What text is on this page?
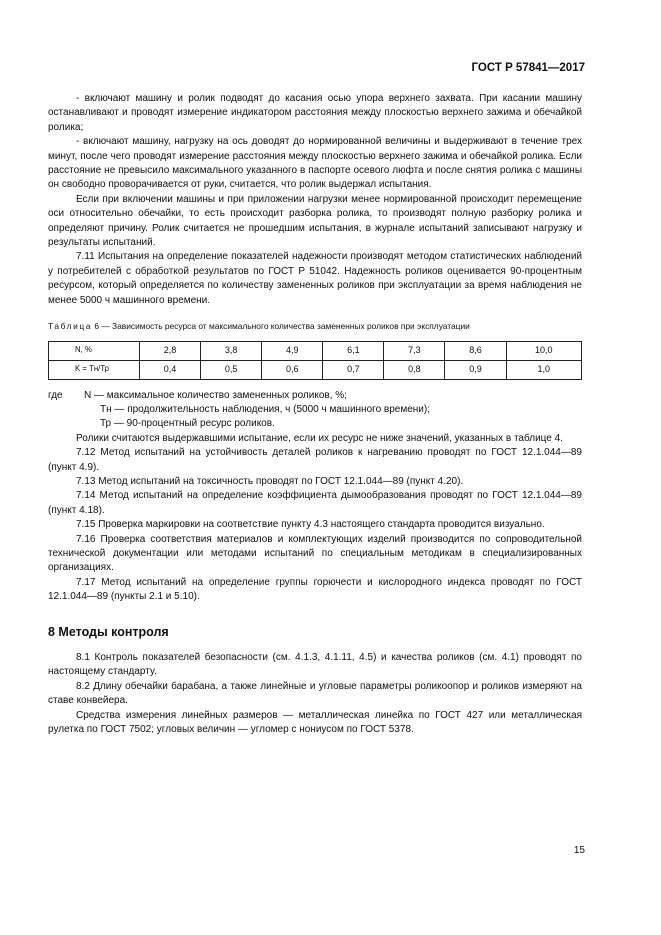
ГОСТ Р 57841—2017

- включают машину и ролик подводят до касания осью упора верхнего захвата. При касании машину останавливают и проводят измерение индикатором расстояния между плоскостью верхнего зажима и обечайкой ролика;

- включают машину, нагрузку на ось доводят до нормированной величины и выдерживают в течение трех минут, после чего проводят измерение расстояния между плоскостью верхнего зажима и обечайкой ролика. Если расстояние не превысило максимального указанного в паспорте осевого люфта и после снятия ролика с машины он свободно проворачивается от руки, считается, что ролик выдержал испытания.

Если при включении машины и при приложении нагрузки менее нормированной происходит перемещение оси относительно обечайки, то есть происходит разборка ролика, то производят полную разборку ролика и определяют причину. Ролик считается не прошедшим испытания, в журнале испытаний записывают нагрузку и результаты испытаний.

7.11 Испытания на определение показателей надежности производят методом статистических наблюдений у потребителей с обработкой результатов по ГОСТ Р 51042. Надежность роликов оценивается 90-процентным ресурсом, который определяется по количеству замененных роликов при эксплуатации за время наблюдения не менее 5000 ч машинного времени.

Таблица 6 — Зависимость ресурса от максимального количества замененных роликов при эксплуатации
N, %	2,8	3,8	4,9	6,1	7,3	8,6	10,0
K = Тн/Тр	0,4	0,5	0,6	0,7	0,8	0,9	1,0
где	N
— максимальное количество замененных роликов, %;
Тн
— продолжительность наблюдения, ч (5000 ч машинного времени);
Тр
— 90-процентный ресурс роликов.

Ролики считаются выдержавшими испытание, если их ресурс не ниже значений, указанных в таблице 4.

7.12 Метод испытаний на устойчивость деталей роликов к нагреванию проводят по ГОСТ 12.1.044—89 (пункт 4.9).

7.13 Метод испытаний на токсичность проводят по ГОСТ 12.1.044—89 (пункт 4.20).

7.14 Метод испытаний на определение коэффициента дымообразования проводят по ГОСТ 12.1.044—89 (пункт 4.18).

7.15 Проверка маркировки на соответствие пункту 4.3 настоящего стандарта проводится визуально.

7.16 Проверка соответствия материалов и комплектующих изделий производится по сопроводительной технической документации или методами испытаний по специальным методикам в специализированных организациях.

7.17 Метод испытаний на определение группы горючести и кислородного индекса проводят по ГОСТ 12.1.044—89 (пункты 2.1 и 5.10).

8 Методы контроля

8.1 Контроль показателей безопасности (см. 4.1.3, 4.1.11, 4.5) и качества роликов (см. 4.1) проводят по настоящему стандарту.

8.2 Длину обечайки барабана, а также линейные и угловые параметры роликоопор и роликов измеряют на ставе конвейера.

Средства измерения линейных размеров — металлическая линейка по ГОСТ 427 или металлическая рулетка по ГОСТ 7502; угловых величин — угломер с нониусом по ГОСТ 5378.

15
